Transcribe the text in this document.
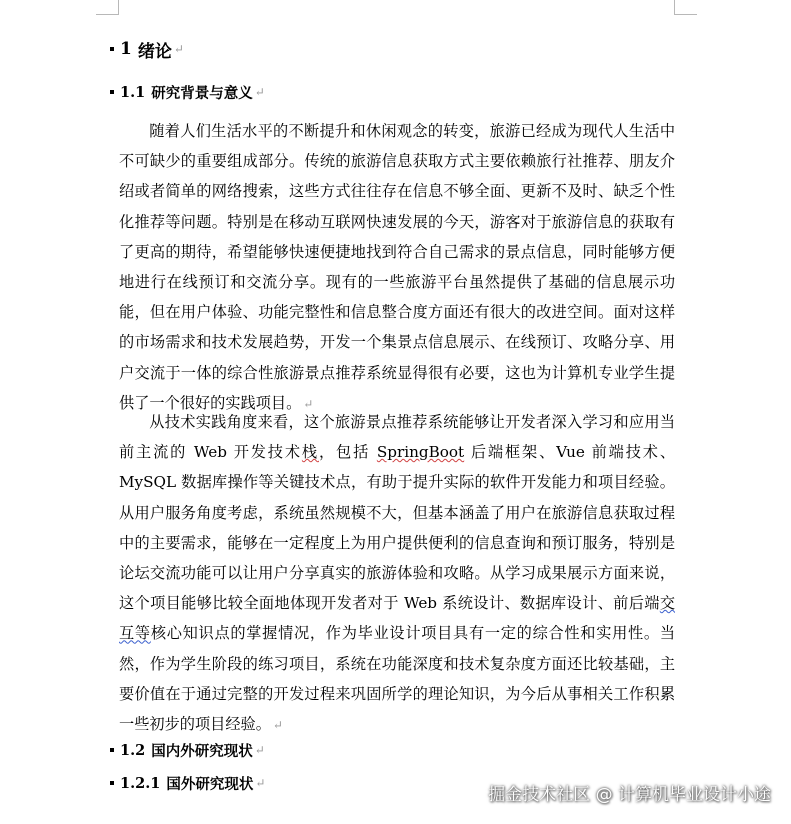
1 绪论 ↵
1.1 研究背景与意义 ↵

随着人们生活水平的不断提升和休闲观念的转变，旅游已经成为现代人生活中不可缺少的重要组成部分。传统的旅游信息获取方式主要依赖旅行社推荐、朋友介绍或者简单的网络搜索，这些方式往往存在信息不够全面、更新不及时、缺乏个性化推荐等问题。特别是在移动互联网快速发展的今天，游客对于旅游信息的获取有了更高的期待，希望能够快速便捷地找到符合自己需求的景点信息，同时能够方便地进行在线预订和交流分享。现有的一些旅游平台虽然提供了基础的信息展示功能，但在用户体验、功能完整性和信息整合度方面还有很大的改进空间。面对这样的市场需求和技术发展趋势，开发一个集景点信息展示、在线预订、攻略分享、用户交流于一体的综合性旅游景点推荐系统显得很有必要，这也为计算机专业学生提供了一个很好的实践项目。 ↵

从技术实践角度来看，这个旅游景点推荐系统能够让开发者深入学习和应用当前主流的 Web 开发技术栈，包括 SpringBoot 后端框架、Vue 前端技术、MySQL 数据库操作等关键技术点，有助于提升实际的软件开发能力和项目经验。从用户服务角度考虑，系统虽然规模不大，但基本涵盖了用户在旅游信息获取过程中的主要需求，能够在一定程度上为用户提供便利的信息查询和预订服务，特别是论坛交流功能可以让用户分享真实的旅游体验和攻略。从学习成果展示方面来说，这个项目能够比较全面地体现开发者对于 Web 系统设计、数据库设计、前后端交互等核心知识点的掌握情况，作为毕业设计项目具有一定的综合性和实用性。当然，作为学生阶段的练习项目，系统在功能深度和技术复杂度方面还比较基础，主要价值在于通过完整的开发过程来巩固所学的理论知识，为今后从事相关工作积累一些初步的项目经验。 ↵

1.2 国内外研究现状 ↵
1.2.1 国外研究现状 ↵
掘金技术社区 @ 计算机毕业设计小途
